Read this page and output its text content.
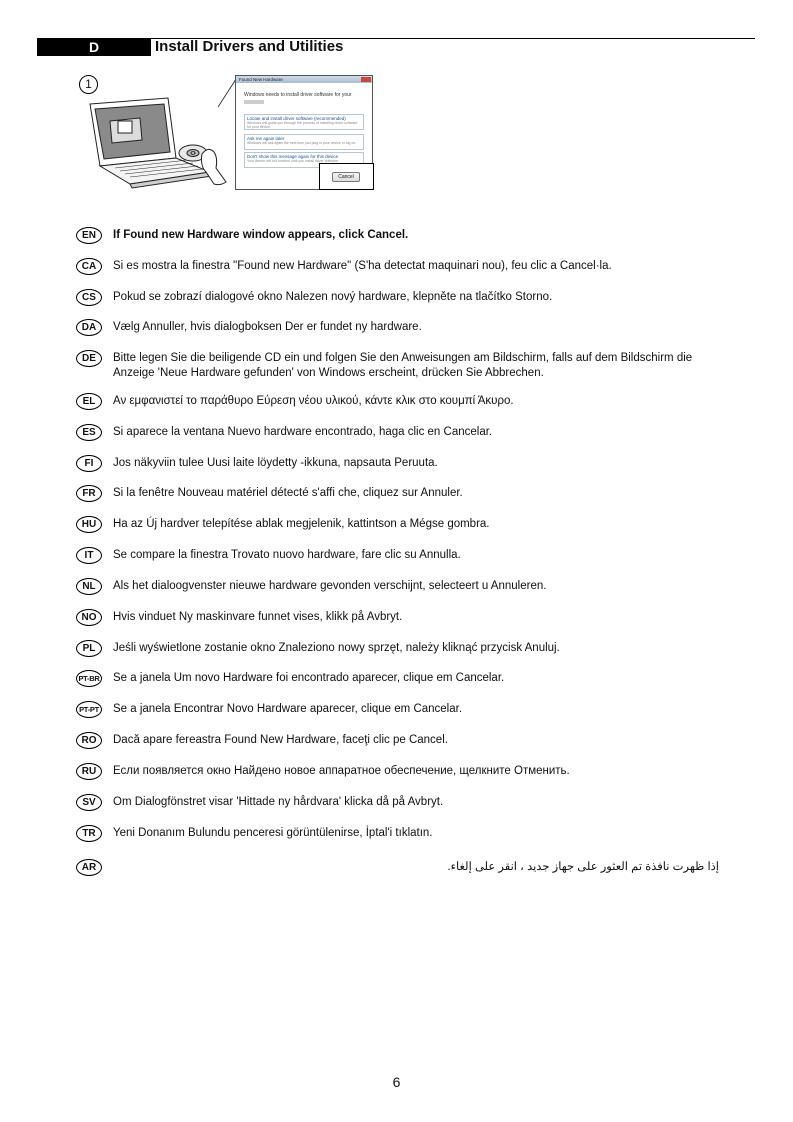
D	Install Drivers and Utilities
1	Found New Hardware
Windows needs to install driver software for your
Locate and install driver software (recommended)
Windows will guide you through the process of installing driver software for your device.
Ask me again later
Windows will ask again the next time you plug in your device or log on.
Don't show this message again for this device
Your device will not function until you install driver software.
Cancel
EN	If Found new Hardware window appears, click Cancel.
CA	Si es mostra la finestra "Found new Hardware" (S'ha detectat maquinari nou), feu clic a Cancel·la.
CS	Pokud se zobrazí dialogové okno Nalezen nový hardware, klepněte na tlačítko Storno.
DA	Vælg Annuller, hvis dialogboksen Der er fundet ny hardware.
DE	Bitte legen Sie die beiligende CD ein und folgen Sie den Anweisungen am Bildschirm, falls auf dem Bildschirm die Anzeige 'Neue Hardware gefunden' von Windows erscheint, drücken Sie Abbrechen.
EL	Αν εμφανιστεί το παράθυρο Εύρεση νέου υλικού, κάντε κλικ στο κουμπί Άκυρο.
ES	Si aparece la ventana Nuevo hardware encontrado, haga clic en Cancelar.
FI	Jos näkyviin tulee Uusi laite löydetty -ikkuna, napsauta Peruuta.
FR	Si la fenêtre Nouveau matériel détecté s'affi che, cliquez sur Annuler.
HU	Ha az Új hardver telepítése ablak megjelenik, kattintson a Mégse gombra.
IT	Se compare la finestra Trovato nuovo hardware, fare clic su Annulla.
NL	Als het dialoogvenster nieuwe hardware gevonden verschijnt, selecteert u Annuleren.
NO	Hvis vinduet Ny maskinvare funnet vises, klikk på Avbryt.
PL	Jeśli wyświetlone zostanie okno Znaleziono nowy sprzęt, należy kliknąć przycisk Anuluj.
PT-BR Se a janela Um novo Hardware foi encontrado aparecer, clique em Cancelar.
PT-PT Se a janela Encontrar Novo Hardware aparecer, clique em Cancelar.
RO	Dacă apare fereastra Found New Hardware, faceţi clic pe Cancel.
RU	Если появляется окно Найдено новое аппаратное обеспечение, щелкните Отменить.
SV	Om Dialogfönstret visar 'Hittade ny hårdvara' klicka då på Avbryt.
TR	Yeni Donanım Bulundu penceresi görüntülenirse, İptal'i tıklatın.
AR	إذا ظهرت نافذة تم العثور على جهاز جديد ، انقر على إلغاء.
6
